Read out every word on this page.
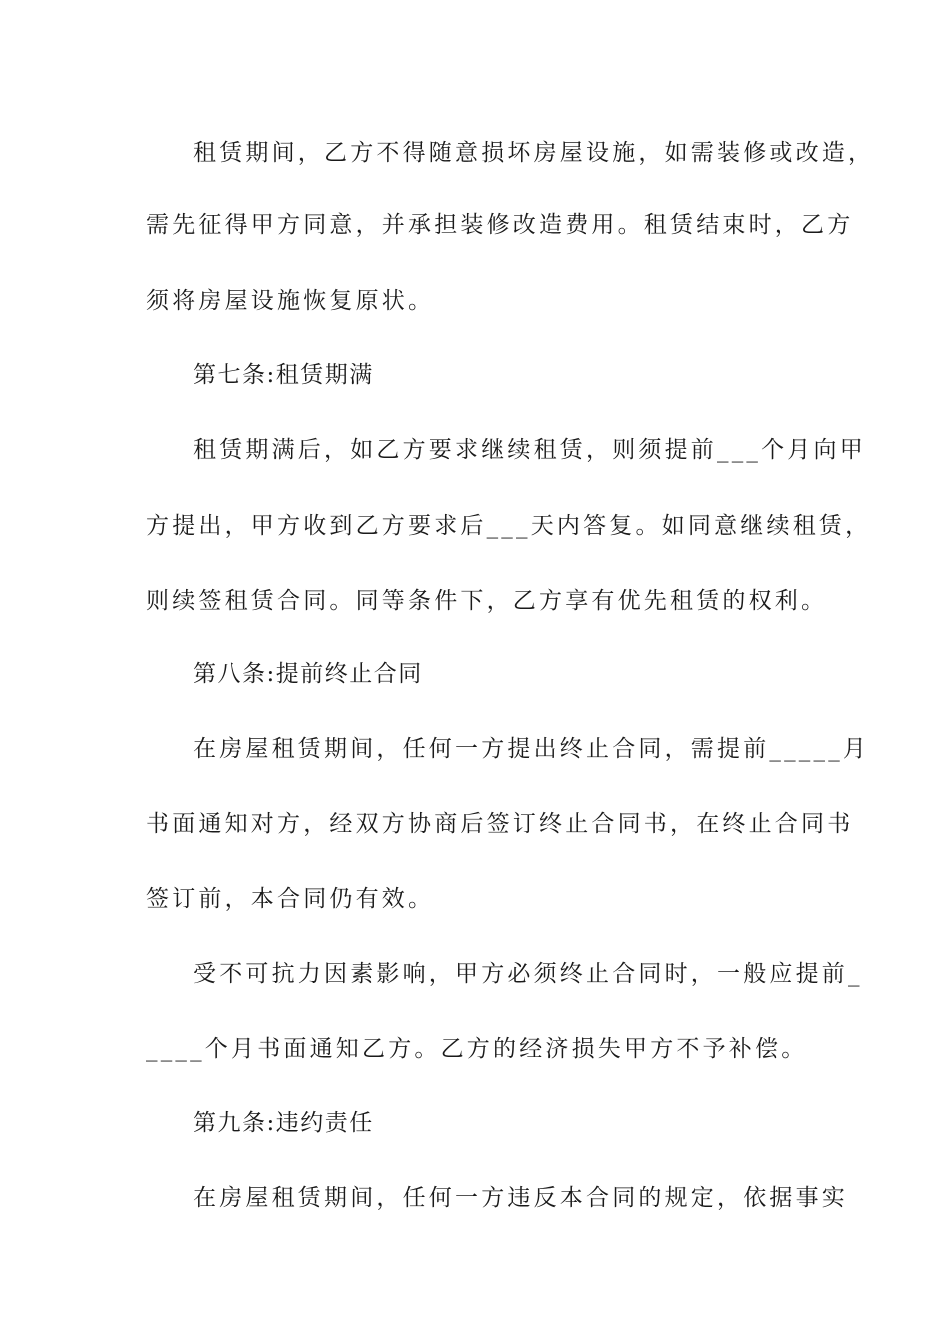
租赁期间，乙方不得随意损坏房屋设施，如需装修或改造，
需先征得甲方同意，并承担装修改造费用。租赁结束时，乙方
须将房屋设施恢复原状。
第七条:租赁期满
租赁期满后，如乙方要求继续租赁，则须提前___个月向甲
方提出，甲方收到乙方要求后___天内答复。如同意继续租赁，
则续签租赁合同。同等条件下，乙方享有优先租赁的权利。
第八条:提前终止合同
在房屋租赁期间，任何一方提出终止合同，需提前_____月
书面通知对方，经双方协商后签订终止合同书，在终止合同书
签订前，本合同仍有效。
受不可抗力因素影响，甲方必须终止合同时，一般应提前_
____个月书面通知乙方。乙方的经济损失甲方不予补偿。
第九条:违约责任
在房屋租赁期间，任何一方违反本合同的规定，依据事实
